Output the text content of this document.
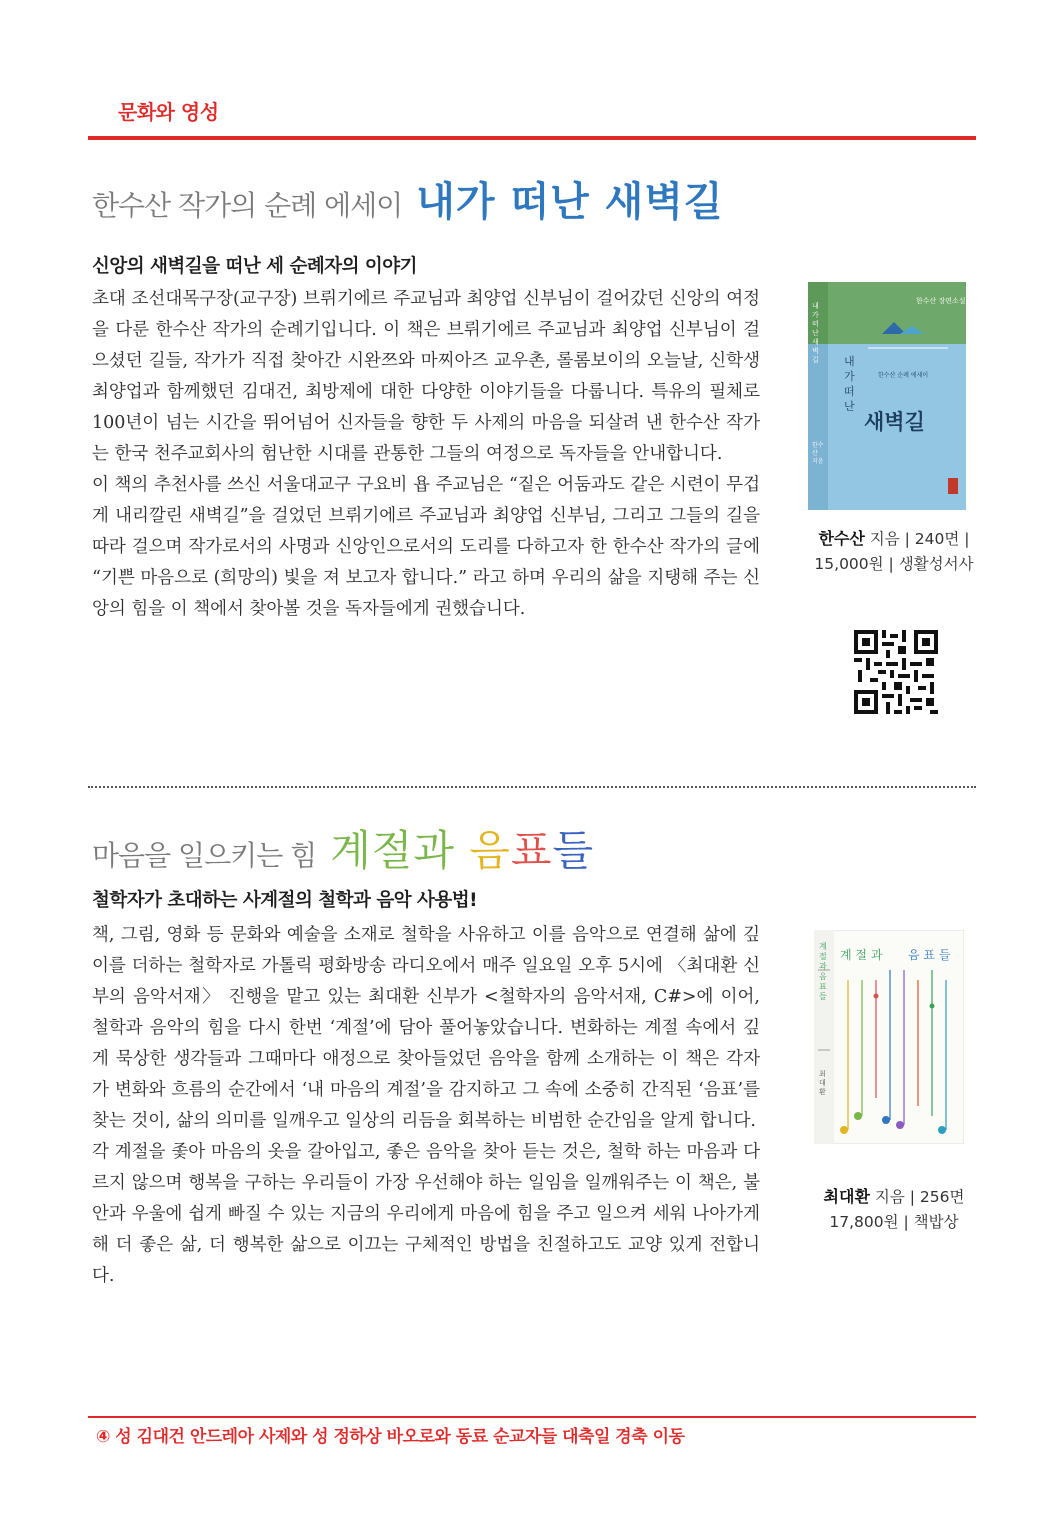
문화와 영성
한수산 작가의 순례 에세이 내가 떠난 새벽길
신앙의 새벽길을 떠난 세 순례자의 이야기

초대 조선대목구장(교구장) 브뤼기에르 주교님과 최양업 신부님이 걸어갔던 신앙의 여정을 다룬 한수산 작가의 순례기입니다. 이 책은 브뤼기에르 주교님과 최양업 신부님이 걸으셨던 길들, 작가가 직접 찾아간 시완쯔와 마찌아즈 교우촌, 롤롬보이의 오늘날, 신학생 최양업과 함께했던 김대건, 최방제에 대한 다양한 이야기들을 다룹니다. 특유의 필체로 100년이 넘는 시간을 뛰어넘어 신자들을 향한 두 사제의 마음을 되살려 낸 한수산 작가는 한국 천주교회사의 험난한 시대를 관통한 그들의 여정으로 독자들을 안내합니다.

이 책의 추천사를 쓰신 서울대교구 구요비 욥 주교님은 “짙은 어둠과도 같은 시련이 무겁게 내리깔린 새벽길”을 걸었던 브뤼기에르 주교님과 최양업 신부님, 그리고 그들의 길을 따라 걸으며 작가로서의 사명과 신앙인으로서의 도리를 다하고자 한 한수산 작가의 글에 “기쁜 마음으로 (희망의) 빛을 져 보고자 합니다.” 라고 하며 우리의 삶을 지탱해 주는 신앙의 힘을 이 책에서 찾아볼 것을 독자들에게 권했습니다.

한수산 장편소설
내가 떠난 새벽길	내
가
떠
난
한수산 순례 에세이
새벽길
한수산 지음
한수산 지음 | 240면 |
15,000원 | 생활성서사
마음을 일으키는 힘 계절과 음표들
철학자가 초대하는 사계절의 철학과 음악 사용법!

책, 그림, 영화 등 문화와 예술을 소재로 철학을 사유하고 이를 음악으로 연결해 삶에 깊이를 더하는 철학자로 가톨릭 평화방송 라디오에서 매주 일요일 오후 5시에 〈최대환 신부의 음악서재〉 진행을 맡고 있는 최대환 신부가 <철학자의 음악서재, C#>에 이어, 철학과 음악의 힘을 다시 한번 ‘계절’에 담아 풀어놓았습니다. 변화하는 계절 속에서 깊게 묵상한 생각들과 그때마다 애정으로 찾아들었던 음악을 함께 소개하는 이 책은 각자가 변화와 흐름의 순간에서 ‘내 마음의 계절’을 감지하고 그 속에 소중히 간직된 ‘음표’를 찾는 것이, 삶의 의미를 일깨우고 일상의 리듬을 회복하는 비범한 순간임을 알게 합니다.

각 계절을 좇아 마음의 옷을 갈아입고, 좋은 음악을 찾아 듣는 것은, 철학 하는 마음과 다르지 않으며 행복을 구하는 우리들이 가장 우선해야 하는 일임을 일깨워주는 이 책은, 불안과 우울에 쉽게 빠질 수 있는 지금의 우리에게 마음에 힘을 주고 일으켜 세워 나아가게 해 더 좋은 삶, 더 행복한 삶으로 이끄는 구체적인 방법을 친절하고도 교양 있게 전합니다.

계 절 과 음 표 들
계절과 음표들
최대환
최대환 지음 | 256면
17,800원 | 책밥상
④ 성 김대건 안드레아 사제와 성 정하상 바오로와 동료 순교자들 대축일 경축 이동
